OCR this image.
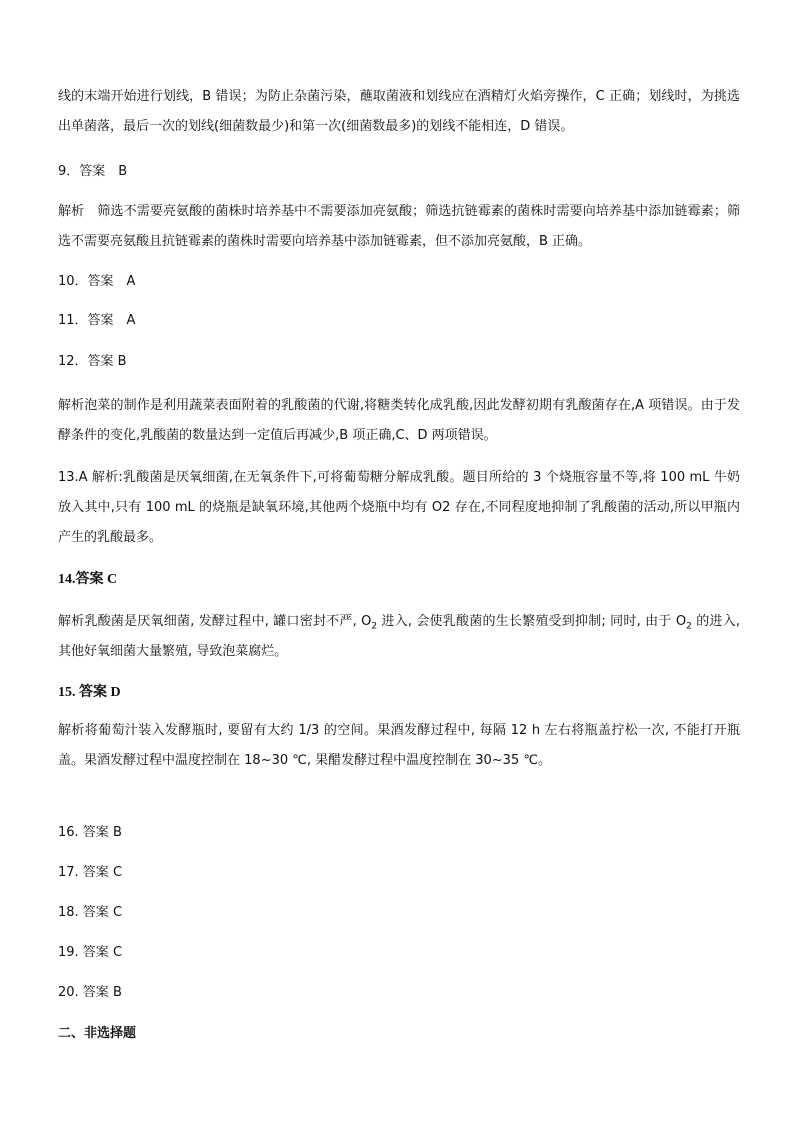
线的末端开始进行划线，B 错误；为防止杂菌污染，蘸取菌液和划线应在酒精灯火焰旁操作，C 正确；划线时，为挑选出单菌落，最后一次的划线(细菌数最少)和第一次(细菌数最多)的划线不能相连，D 错误。
9．答案　B
解析　筛选不需要亮氨酸的菌株时培养基中不需要添加亮氨酸；筛选抗链霉素的菌株时需要向培养基中添加链霉素；筛选不需要亮氨酸且抗链霉素的菌株时需要向培养基中添加链霉素，但不添加亮氨酸，B 正确。
10．答案　A
11．答案　A
12．答案 B
解析泡菜的制作是利用蔬菜表面附着的乳酸菌的代谢,将糖类转化成乳酸,因此发酵初期有乳酸菌存在,A 项错误。由于发酵条件的变化,乳酸菌的数量达到一定值后再减少,B 项正确,C、D 两项错误。
13.A 解析:乳酸菌是厌氧细菌,在无氧条件下,可将葡萄糖分解成乳酸。题目所给的 3 个烧瓶容量不等,将 100 mL 牛奶放入其中,只有 100 mL 的烧瓶是缺氧环境,其他两个烧瓶中均有 O2 存在,不同程度地抑制了乳酸菌的活动,所以甲瓶内产生的乳酸最多。
14.答案 C
解析乳酸菌是厌氧细菌, 发酵过程中, 罐口密封不严, $O_2$ 进入, 会使乳酸菌的生长繁殖受到抑制; 同时, 由于 $O_2$ 的进入, 其他好氧细菌大量繁殖, 导致泡菜腐烂。
15. 答案 D
解析将葡萄汁装入发酵瓶时, 要留有大约 1/3 的空间。果酒发酵过程中, 每隔 12 h 左右将瓶盖拧松一次, 不能打开瓶盖。果酒发酵过程中温度控制在 18~30 ℃, 果醋发酵过程中温度控制在 30~35 ℃。
16. 答案 B
17. 答案 C
18. 答案 C
19. 答案 C
20. 答案 B
二、非选择题
